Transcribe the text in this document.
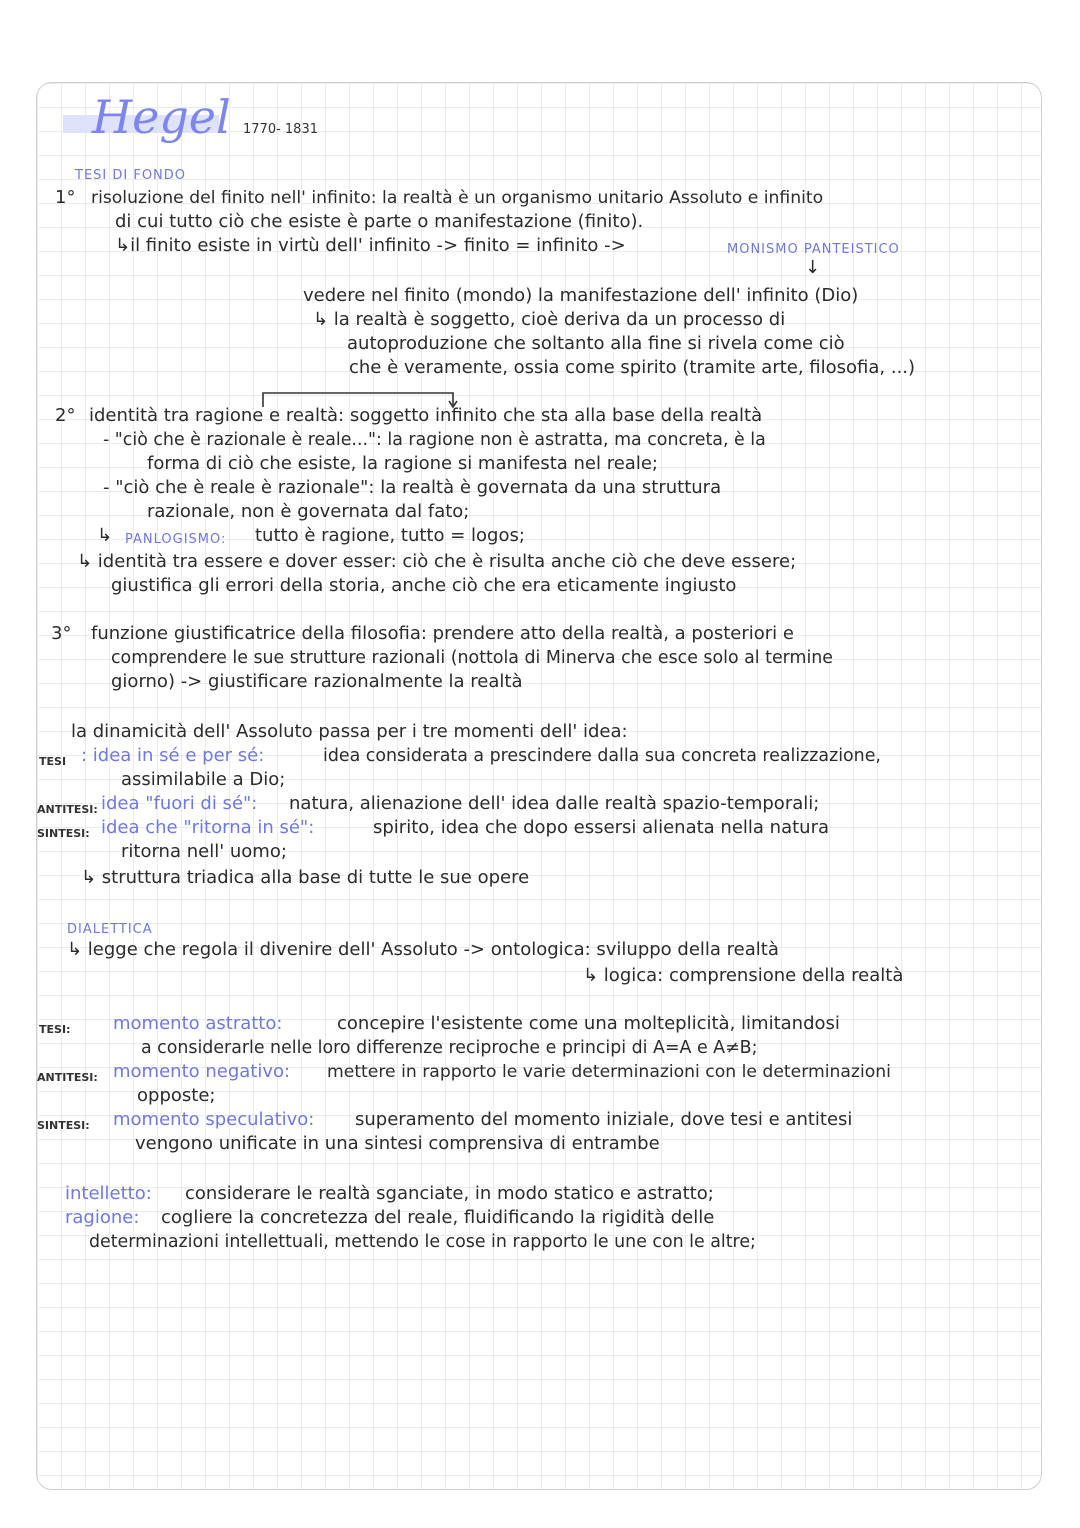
Hegel 1770- 1831
TESI DI FONDO
1° risoluzione del finito nell' infinito: la realtà è un organismo unitario Assoluto e infinito
di cui tutto ciò che esiste è parte o manifestazione (finito).
↳il finito esiste in virtù dell' infinito -> finito = infinito ->	MONISMO PANTEISTICO
↓
vedere nel finito (mondo) la manifestazione dell' infinito (Dio)
↳ la realtà è soggetto, cioè deriva da un processo di
autoproduzione che soltanto alla fine si rivela come ciò
che è veramente, ossia come spirito (tramite arte, filosofia, ...)
2° identità tra ragione e realtà: soggetto infinito che sta alla base della realtà
- "ciò che è razionale è reale...": la ragione non è astratta, ma concreta, è la
forma di ciò che esiste, la ragione si manifesta nel reale;
- "ciò che è reale è razionale": la realtà è governata da una struttura
razionale, non è governata dal fato;
↳ PANLOGISMO: tutto è ragione, tutto = logos;
↳ identità tra essere e dover esser: ciò che è risulta anche ciò che deve essere;
giustifica gli errori della storia, anche ciò che era eticamente ingiusto
3° funzione giustificatrice della filosofia: prendere atto della realtà, a posteriori e
comprendere le sue strutture razionali (nottola di Minerva che esce solo al termine
giorno) -> giustificare razionalmente la realtà
la dinamicità dell' Assoluto passa per i tre momenti dell' idea:
TESI : idea in sé e per sé:	idea considerata a prescindere dalla sua concreta realizzazione,
assimilabile a Dio;
ANTITESI: idea "fuori di sé": natura, alienazione dell' idea dalle realtà spazio-temporali;
SINTESI: idea che "ritorna in sé":	spirito, idea che dopo essersi alienata nella natura
ritorna nell' uomo;
↳ struttura triadica alla base di tutte le sue opere
DIALETTICA
↳ legge che regola il divenire dell' Assoluto -> ontologica: sviluppo della realtà
↳ logica: comprensione della realtà
TESI: momento astratto:	concepire l'esistente come una molteplicità, limitandosi
a considerarle nelle loro differenze reciproche e principi di A=A e A≠B;
ANTITESI: momento negativo: mettere in rapporto le varie determinazioni con le determinazioni
opposte;
SINTESI: momento speculativo: superamento del momento iniziale, dove tesi e antitesi
vengono unificate in una sintesi comprensiva di entrambe
intelletto: considerare le realtà sganciate, in modo statico e astratto;
ragione: cogliere la concretezza del reale, fluidificando la rigidità delle
determinazioni intellettuali, mettendo le cose in rapporto le une con le altre;
